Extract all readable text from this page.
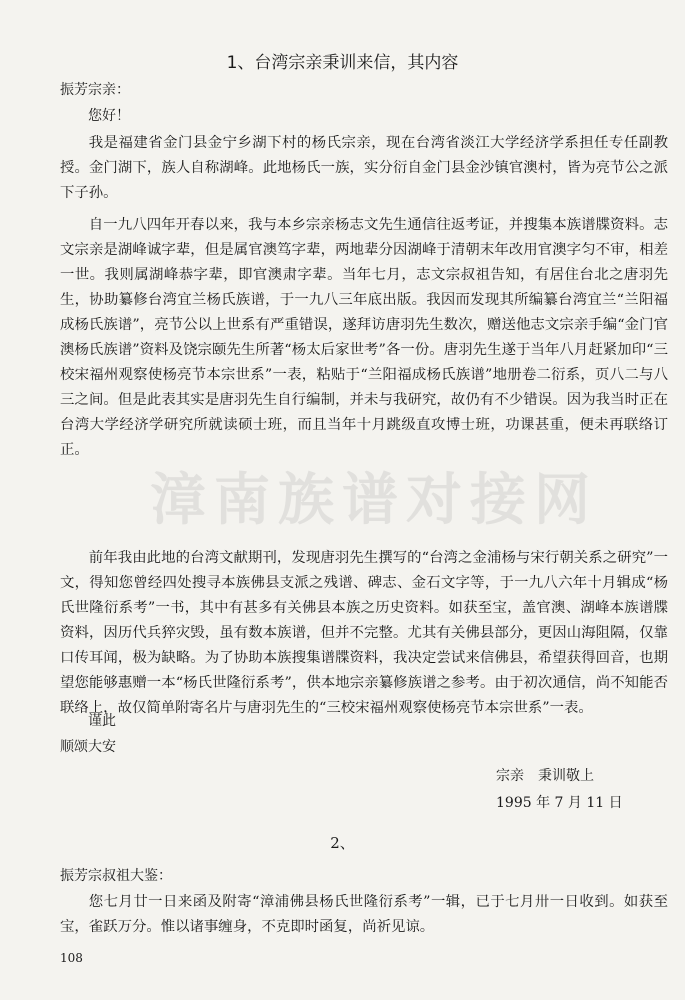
漳南族谱对接网
1、台湾宗亲秉训来信，其内容
振芳宗亲：
您好！
我是福建省金门县金宁乡湖下村的杨氏宗亲，现在台湾省淡江大学经济学系担任专任副教授。金门湖下，族人自称湖峰。此地杨氏一族，实分衍自金门县金沙镇官澳村，皆为亮节公之派下子孙。
自一九八四年开春以来，我与本乡宗亲杨志文先生通信往返考证，并搜集本族谱牒资料。志文宗亲是湖峰诚字辈，但是属官澳笃字辈，两地辈分因湖峰于清朝末年改用官澳字匀不审，相差一世。我则属湖峰恭字辈，即官澳肃字辈。当年七月，志文宗叔祖告知，有居住台北之唐羽先生，协助纂修台湾宜兰杨氏族谱，于一九八三年底出版。我因而发现其所编纂台湾宜兰“兰阳福成杨氏族谱”，亮节公以上世系有严重错误，遂拜访唐羽先生数次，赠送他志文宗亲手编“金门官澳杨氏族谱”资料及饶宗颐先生所著“杨太后家世考”各一份。唐羽先生遂于当年八月赶紧加印“三校宋福州观察使杨亮节本宗世系”一表，粘贴于“兰阳福成杨氏族谱”地册卷二衍系，页八二与八三之间。但是此表其实是唐羽先生自行编制，并未与我研究，故仍有不少错误。因为我当时正在台湾大学经济学研究所就读硕士班，而且当年十月跳级直攻博士班，功课甚重，便未再联络订正。
前年我由此地的台湾文献期刊，发现唐羽先生撰写的“台湾之金浦杨与宋行朝关系之研究”一文，得知您曾经四处搜寻本族佛县支派之残谱、碑志、金石文字等，于一九八六年十月辑成“杨氏世隆衍系考”一书，其中有甚多有关佛县本族之历史资料。如获至宝，盖官澳、湖峰本族谱牒资料，因历代兵猝灾毁，虽有数本族谱，但并不完整。尤其有关佛县部分，更因山海阻隔，仅靠口传耳闻，极为缺略。为了协助本族搜集谱牒资料，我决定尝试来信佛县，希望获得回音，也期望您能够惠赠一本“杨氏世隆衍系考”，供本地宗亲纂修族谱之参考。由于初次通信，尚不知能否联络上，故仅简单附寄名片与唐羽先生的“三校宋福州观察使杨亮节本宗世系”一表。
谨此
顺颂大安
宗亲　秉训敬上
1995 年 7 月 11 日
2、
振芳宗叔祖大鉴：
您七月廿一日来函及附寄“漳浦佛县杨氏世隆衍系考”一辑，已于七月卅一日收到。如获至宝，雀跃万分。惟以诸事缠身，不克即时函复，尚祈见谅。
108
